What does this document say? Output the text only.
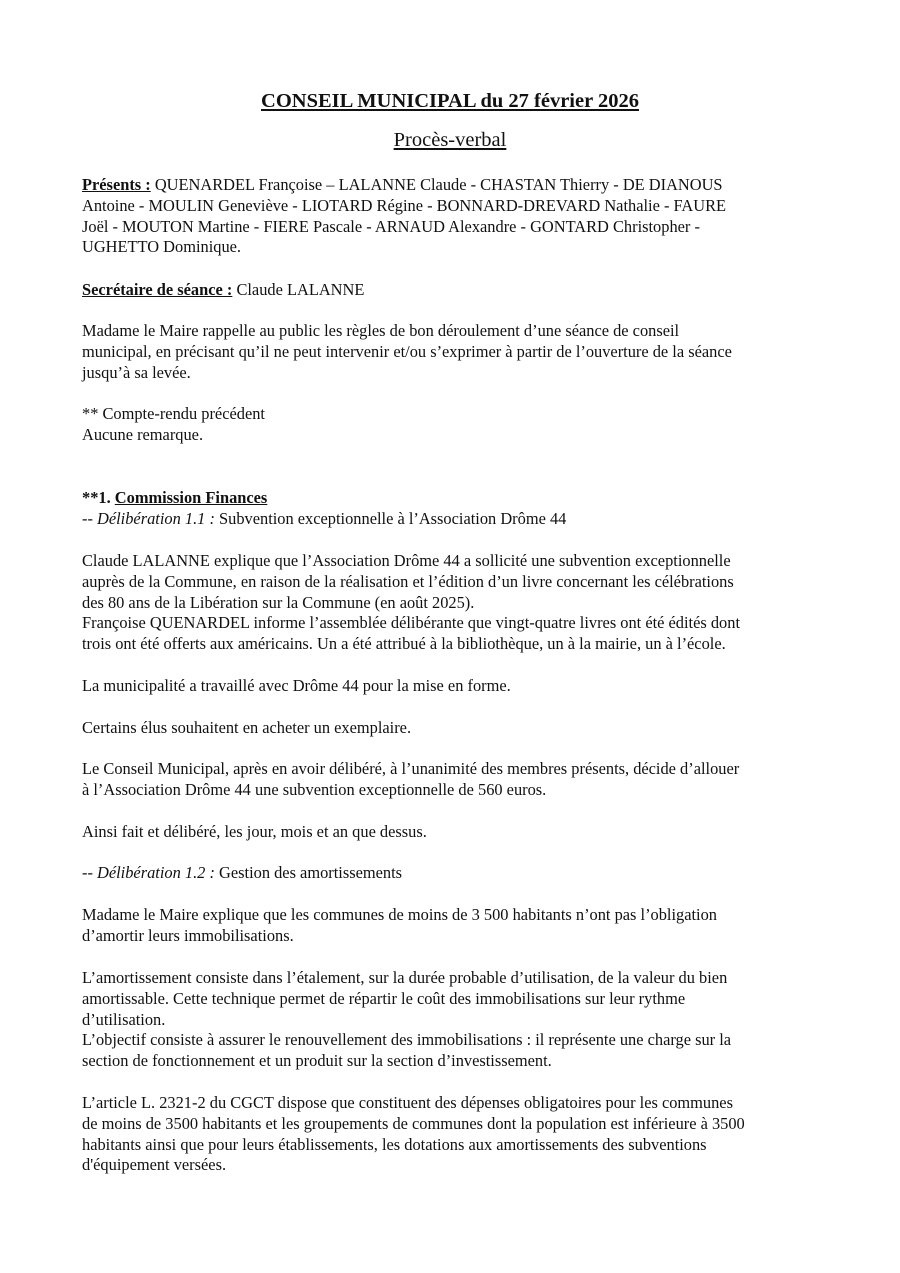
CONSEIL MUNICIPAL du 27 février 2026
Procès-verbal
Présents : QUENARDEL Françoise – LALANNE Claude - CHASTAN Thierry - DE DIANOUS
Antoine - MOULIN Geneviève - LIOTARD Régine - BONNARD-DREVARD Nathalie - FAURE
Joël - MOUTON Martine - FIERE Pascale - ARNAUD Alexandre - GONTARD Christopher -
UGHETTO Dominique.
Secrétaire de séance : Claude LALANNE
Madame le Maire rappelle au public les règles de bon déroulement d’une séance de conseil
municipal, en précisant qu’il ne peut intervenir et/ou s’exprimer à partir de l’ouverture de la séance
jusqu’à sa levée.
** Compte-rendu précédent
Aucune remarque.
**1. Commission Finances
-- Délibération 1.1 : Subvention exceptionnelle à l’Association Drôme 44
Claude LALANNE explique que l’Association Drôme 44 a sollicité une subvention exceptionnelle
auprès de la Commune, en raison de la réalisation et l’édition d’un livre concernant les célébrations
des 80 ans de la Libération sur la Commune (en août 2025).
Françoise QUENARDEL informe l’assemblée délibérante que vingt-quatre livres ont été édités dont
trois ont été offerts aux américains. Un a été attribué à la bibliothèque, un à la mairie, un à l’école.
La municipalité a travaillé avec Drôme 44 pour la mise en forme.
Certains élus souhaitent en acheter un exemplaire.
Le Conseil Municipal, après en avoir délibéré, à l’unanimité des membres présents, décide d’allouer
à l’Association Drôme 44 une subvention exceptionnelle de 560 euros.
Ainsi fait et délibéré, les jour, mois et an que dessus.
-- Délibération 1.2 : Gestion des amortissements
Madame le Maire explique que les communes de moins de 3 500 habitants n’ont pas l’obligation
d’amortir leurs immobilisations.
L’amortissement consiste dans l’étalement, sur la durée probable d’utilisation, de la valeur du bien
amortissable. Cette technique permet de répartir le coût des immobilisations sur leur rythme
d’utilisation.
L’objectif consiste à assurer le renouvellement des immobilisations : il représente une charge sur la
section de fonctionnement et un produit sur la section d’investissement.
L’article L. 2321-2 du CGCT dispose que constituent des dépenses obligatoires pour les communes
de moins de 3500 habitants et les groupements de communes dont la population est inférieure à 3500
habitants ainsi que pour leurs établissements, les dotations aux amortissements des subventions
d'équipement versées.
